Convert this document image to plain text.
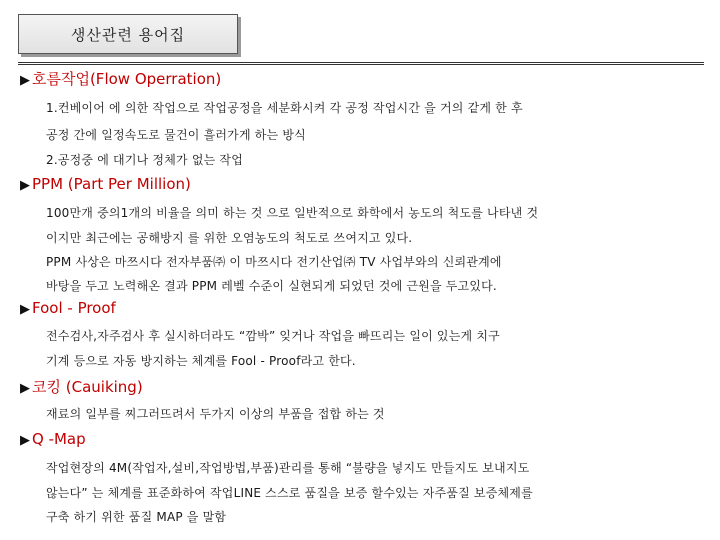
생산관련 용어집
▶ 호름작업(Flow Operration)
1.컨베이어 에 의한 작업으로 작업공정을 세분화시켜 각 공정 작업시간 을 거의 같게 한 후
공정 간에 일정속도로 물건이 흘러가게 하는 방식
2.공정중 에 대기나 정체가 없는 작업
▶ PPM (Part Per Million)
100만개 중의1개의 비율을 의미 하는 것 으로 일반적으로 화학에서 농도의 척도를 나타낸 것
이지만 최근에는 공해방지 를 위한 오염농도의 척도로 쓰여지고 있다.
PPM 사상은 마쯔시다 전자부품㈜ 이 마쯔시다 전기산업㈜ TV 사업부와의 신뢰관계에
바탕을 두고 노력해온 결과 PPM 레벨 수준이 실현되게 되었던 것에 근원을 두고있다.
▶ Fool - Proof
전수검사,자주검사 후 실시하더라도 “깜박” 잊거나 작업을 빠뜨리는 일이 있는게 치구
기계 등으로 자동 방지하는 체계를 Fool - Proof라고 한다.
▶ 코킹 (Cauiking)
재료의 일부를 찌그러뜨려서 두가지 이상의 부품을 접합 하는 것
▶ Q -Map
작업현장의 4M(작업자,설비,작업방법,부품)관리를 통해 “불량을 넣지도 만들지도 보내지도
않는다” 는 체계를 표준화하여 작업LINE 스스로 품질을 보증 할수있는 자주품질 보증체제를
구축 하기 위한 품질 MAP 을 말함
